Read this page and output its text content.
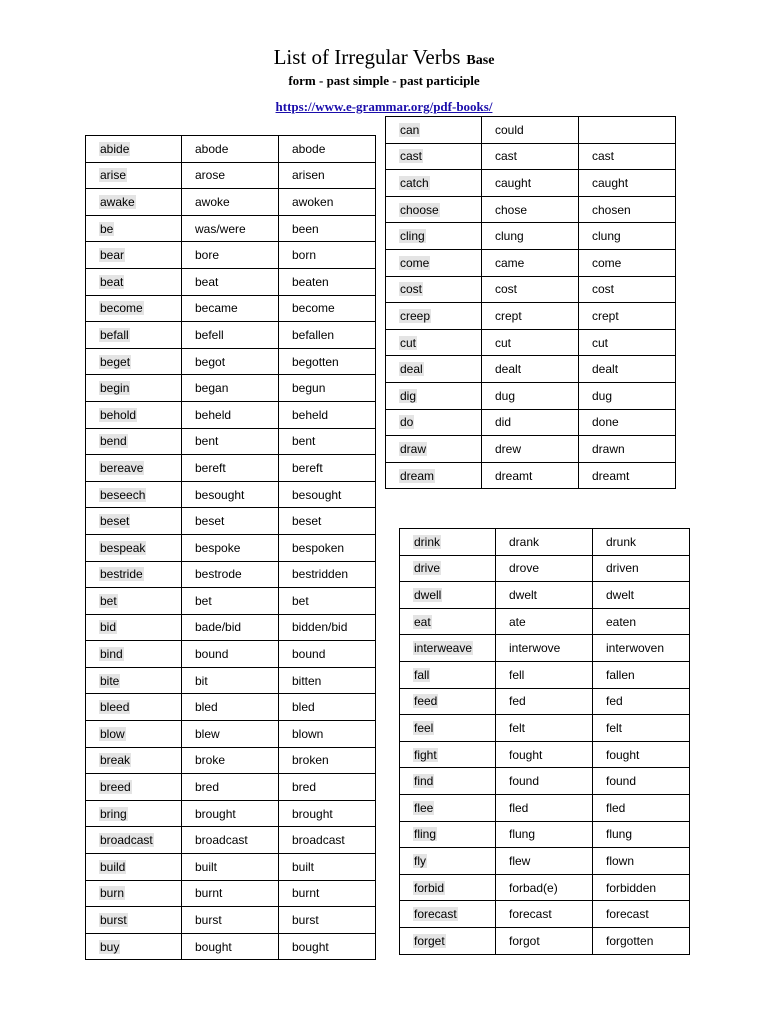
List of Irregular Verbs Base
form - past simple - past participle
https://www.e-grammar.org/pdf-books/
abide	abode	abode
arise	arose	arisen
awake	awoke	awoken
be	was/were	been
bear	bore	born
beat	beat	beaten
become	became	become
befall	befell	befallen
beget	begot	begotten
begin	began	begun
behold	beheld	beheld
bend	bent	bent
bereave	bereft	bereft
beseech	besought	besought
beset	beset	beset
bespeak	bespoke	bespoken
bestride	bestrode	bestridden
bet	bet	bet
bid	bade/bid	bidden/bid
bind	bound	bound
bite	bit	bitten
bleed	bled	bled
blow	blew	blown
break	broke	broken
breed	bred	bred
bring	brought	brought
broadcast	broadcast	broadcast
build	built	built
burn	burnt	burnt
burst	burst	burst
buy	bought	bought
can	could	
cast	cast	cast
catch	caught	caught
choose	chose	chosen
cling	clung	clung
come	came	come
cost	cost	cost
creep	crept	crept
cut	cut	cut
deal	dealt	dealt
dig	dug	dug
do	did	done
draw	drew	drawn
dream	dreamt	dreamt
drink	drank	drunk
drive	drove	driven
dwell	dwelt	dwelt
eat	ate	eaten
interweave	interwove	interwoven
fall	fell	fallen
feed	fed	fed
feel	felt	felt
fight	fought	fought
find	found	found
flee	fled	fled
fling	flung	flung
fly	flew	flown
forbid	forbad(e)	forbidden
forecast	forecast	forecast
forget	forgot	forgotten
